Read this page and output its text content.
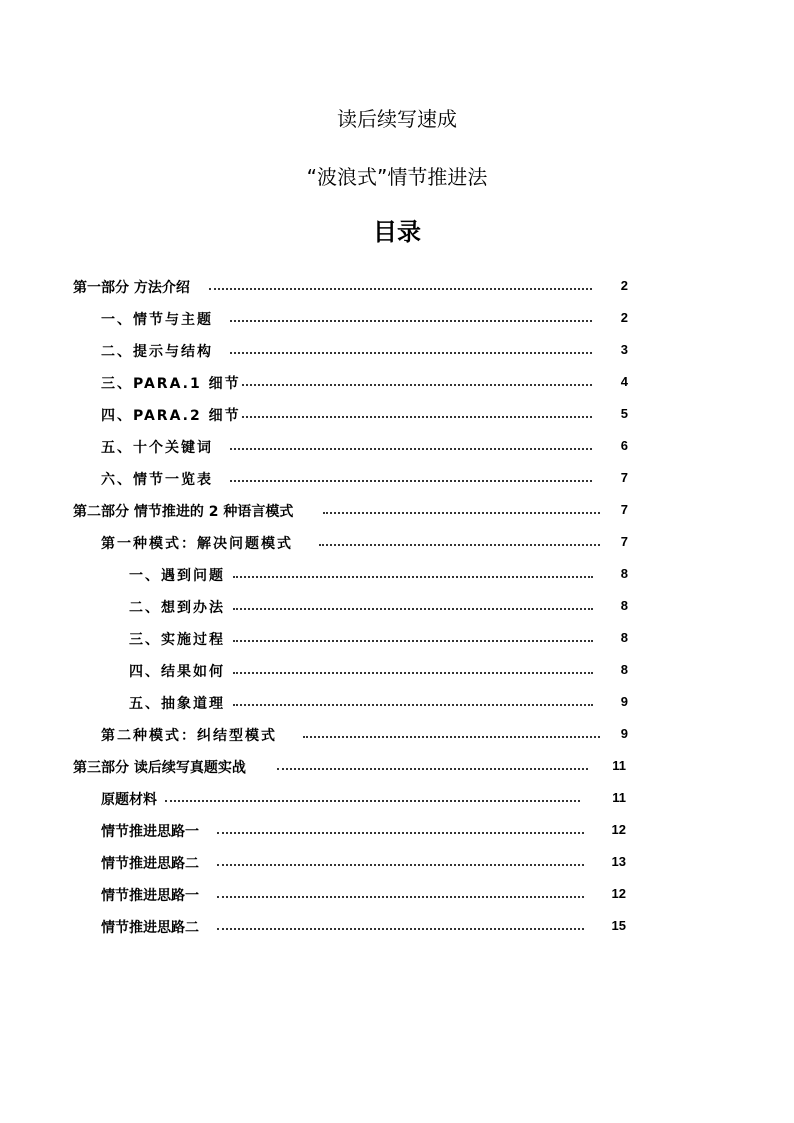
读后续写速成
“波浪式”情节推进法
目录
第一部分 方法介绍	2
一、情节与主题	2
二、提示与结构	3
三、PARA.1 细节	4
四、PARA.2 细节	5
五、十个关键词	6
六、情节一览表	7
第二部分 情节推进的 2 种语言模式	7
第一种模式：解决问题模式	7
一、遇到问题	8
二、想到办法	8
三、实施过程	8
四、结果如何	8
五、抽象道理	9
第二种模式：纠结型模式	9
第三部分 读后续写真题实战	11
原题材料	11
情节推进思路一	12
情节推进思路二	13
情节推进思路一	12
情节推进思路二	15
